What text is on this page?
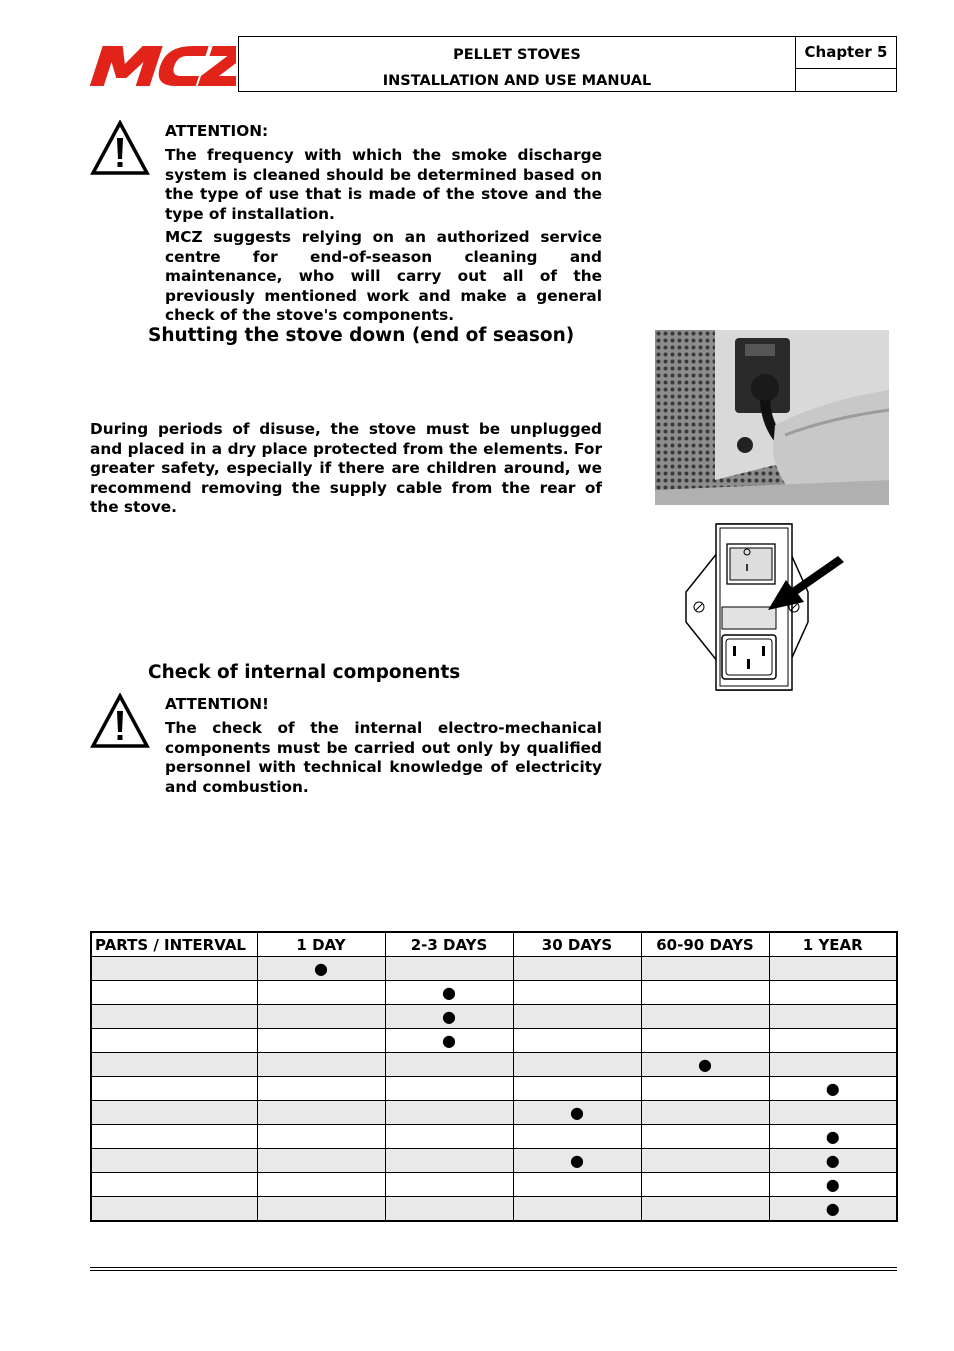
PELLET STOVES
INSTALLATION AND USE MANUAL
Chapter 5
ATTENTION:
The frequency with which the smoke discharge system is cleaned should be determined based on the type of use that is made of the stove and the type of installation.
MCZ suggests relying on an authorized service centre for end-of-season cleaning and maintenance, who will carry out all of the previously mentioned work and make a general check of the stove's components.
Shutting the stove down (end of season)
During periods of disuse, the stove must be unplugged and placed in a dry place protected from the elements. For greater safety, especially if there are children around, we recommend removing the supply cable from the rear of the stove.
Check of internal components
ATTENTION!
The check of the internal electro-mechanical components must be carried out only by qualified personnel with technical knowledge of electricity and combustion.
PARTS / INTERVAL	1 DAY	2-3 DAYS	30 DAYS	60-90 DAYS	1 YEAR
	●				
		●			
		●			
		●			
				●	
					●
			●		
					●
			●		●
					●
					●
